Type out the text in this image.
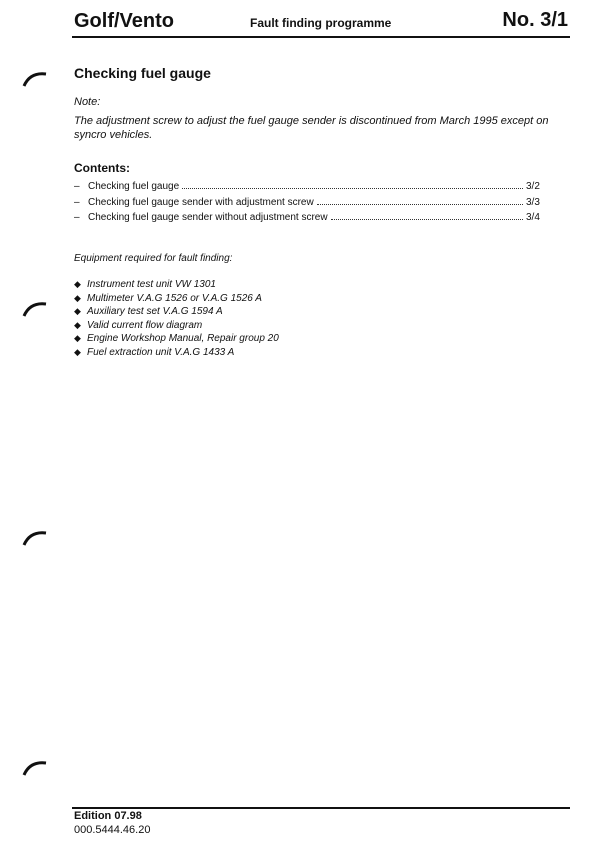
Golf/Vento	Fault finding programme	No. 3/1
Checking fuel gauge
Note:
The adjustment screw to adjust the fuel gauge sender is discontinued from March 1995 except on syncro vehicles.
Contents:
– Checking fuel gauge	3/2
– Checking fuel gauge sender with adjustment screw	3/3
– Checking fuel gauge sender without adjustment screw	3/4
Equipment required for fault finding:
◆ Instrument test unit VW 1301
◆ Multimeter V.A.G 1526 or V.A.G 1526 A
◆ Auxiliary test set V.A.G 1594 A
◆ Valid current flow diagram
◆ Engine Workshop Manual, Repair group 20
◆ Fuel extraction unit V.A.G 1433 A
Edition 07.98
000.5444.46.20
